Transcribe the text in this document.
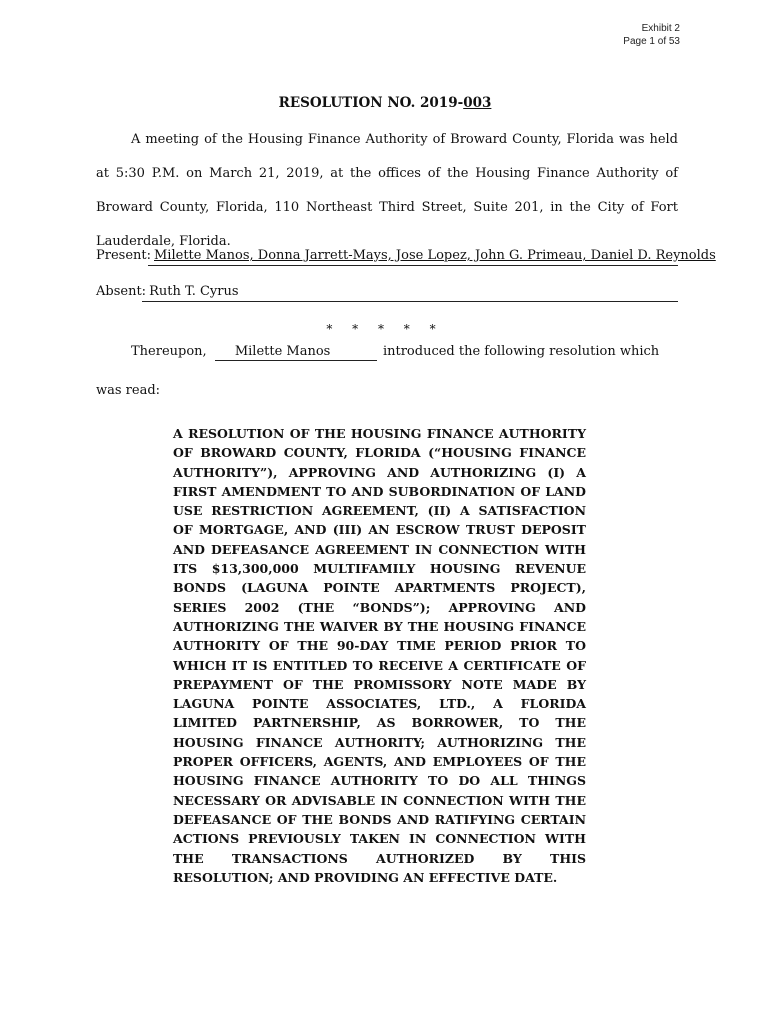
Exhibit 2
Page 1 of 53
RESOLUTION NO. 2019-003
A meeting of the Housing Finance Authority of Broward County, Florida was held at 5:30 P.M. on March 21, 2019, at the offices of the Housing Finance Authority of Broward County, Florida, 110 Northeast Third Street, Suite 201, in the City of Fort Lauderdale, Florida.
Present: Milette Manos, Donna Jarrett-Mays, Jose Lopez, John G. Primeau, Daniel D. Reynolds
Absent: Ruth T. Cyrus
* * * * *
Thereupon, Milette Manos	introduced the following resolution which
was read:
A RESOLUTION OF THE HOUSING FINANCE AUTHORITY OF BROWARD COUNTY, FLORIDA (“HOUSING FINANCE AUTHORITY”), APPROVING AND AUTHORIZING (I) A FIRST AMENDMENT TO AND SUBORDINATION OF LAND USE RESTRICTION AGREEMENT, (II) A SATISFACTION OF MORTGAGE, AND (III) AN ESCROW TRUST DEPOSIT AND DEFEASANCE AGREEMENT IN CONNECTION WITH ITS $13,300,000 MULTIFAMILY HOUSING REVENUE BONDS (LAGUNA POINTE APARTMENTS PROJECT), SERIES 2002 (THE “BONDS”); APPROVING AND AUTHORIZING THE WAIVER BY THE HOUSING FINANCE AUTHORITY OF THE 90-DAY TIME PERIOD PRIOR TO WHICH IT IS ENTITLED TO RECEIVE A CERTIFICATE OF PREPAYMENT OF THE PROMISSORY NOTE MADE BY LAGUNA POINTE ASSOCIATES, LTD., A FLORIDA LIMITED PARTNERSHIP, AS BORROWER, TO THE HOUSING FINANCE AUTHORITY; AUTHORIZING THE PROPER OFFICERS, AGENTS, AND EMPLOYEES OF THE HOUSING FINANCE AUTHORITY TO DO ALL THINGS NECESSARY OR ADVISABLE IN CONNECTION WITH THE DEFEASANCE OF THE BONDS AND RATIFYING CERTAIN ACTIONS PREVIOUSLY TAKEN IN CONNECTION WITH THE TRANSACTIONS AUTHORIZED BY THIS RESOLUTION; AND PROVIDING AN EFFECTIVE DATE.
